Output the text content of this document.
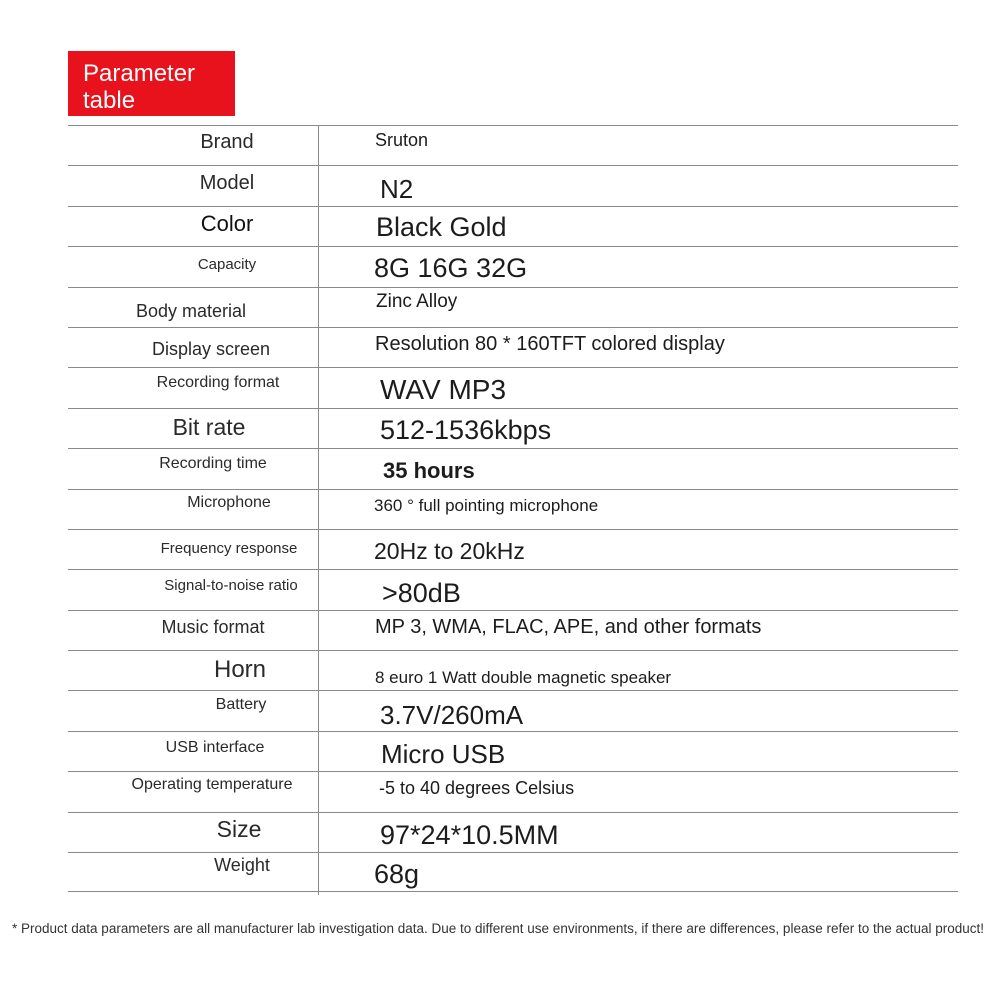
Parameter table
Brand	Sruton
Model	N2
Color	Black Gold
Capacity	8G 16G 32G
Body material	Zinc Alloy
Display screen	Resolution 80 * 160TFT colored display
Recording format	WAV MP3
Bit rate	512-1536kbps
Recording time	35 hours
Microphone	360 ° full pointing microphone
Frequency response	20Hz to 20kHz
Signal-to-noise ratio	>80dB
Music format	MP 3, WMA, FLAC, APE, and other formats
Horn	8 euro 1 Watt double magnetic speaker
Battery	3.7V/260mA
USB interface	Micro USB
Operating temperature	-5 to 40 degrees Celsius
Size	97*24*10.5MM
Weight	68g
* Product data parameters are all manufacturer lab investigation data. Due to different use environments, if there are differences, please refer to the actual product!
